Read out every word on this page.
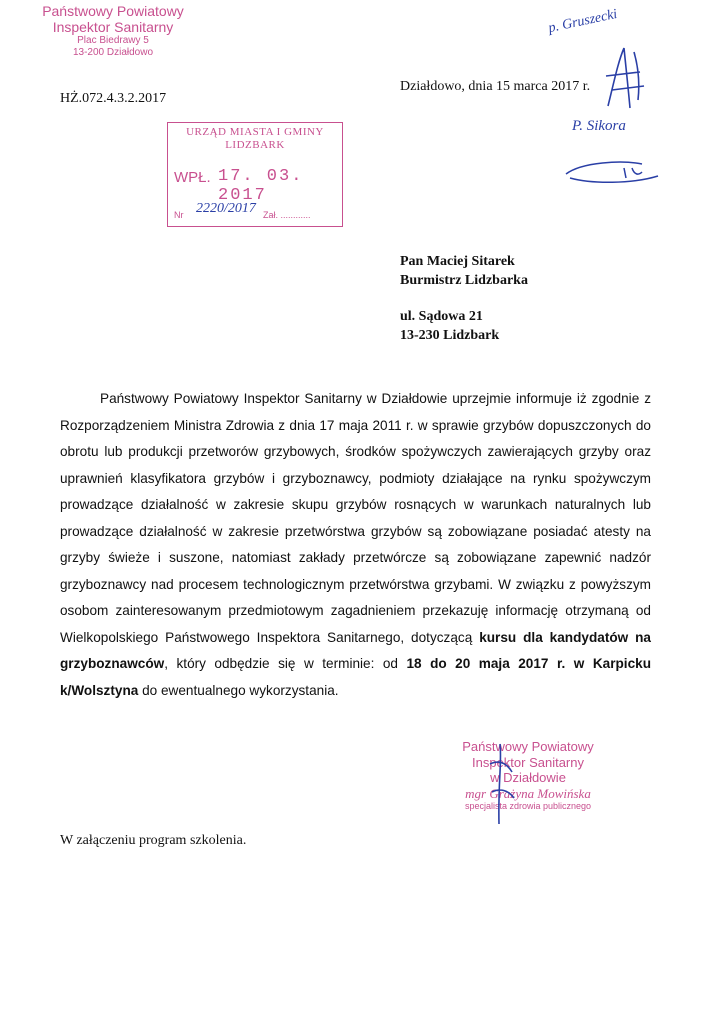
Państwowy Powiatowy
Inspektor Sanitarny
Plac Biedrawy 5
13-200 Działdowo
HŻ.072.4.3.2.2017
Działdowo, dnia 15 marca 2017 r.
p. Gruszecki
P. Sikora
URZĄD MIASTA I GMINY
LIDZBARK
WPŁ. 17. 03. 2017
Nr 2220/2017 Zał. ............
Pan Maciej Sitarek
Burmistrz Lidzbarka
ul. Sądowa 21
13-230 Lidzbark

Państwowy Powiatowy Inspektor Sanitarny w Działdowie uprzejmie informuje iż zgodnie z Rozporządzeniem Ministra Zdrowia z dnia 17 maja 2011 r. w sprawie grzybów dopuszczonych do obrotu lub produkcji przetworów grzybowych, środków spożywczych zawierających grzyby oraz uprawnień klasyfikatora grzybów i grzyboznawcy, podmioty działające na rynku spożywczym prowadzące działalność w zakresie skupu grzybów rosnących w warunkach naturalnych lub prowadzące działalność w zakresie przetwórstwa grzybów są zobowiązane posiadać atesty na grzyby świeże i suszone, natomiast zakłady przetwórcze są zobowiązane zapewnić nadzór grzyboznawcy nad procesem technologicznym przetwórstwa grzybami. W związku z powyższym osobom zainteresowanym przedmiotowym zagadnieniem przekazuję informację otrzymaną od Wielkopolskiego Państwowego Inspektora Sanitarnego, dotyczącą kursu dla kandydatów na grzyboznawców, który odbędzie się w terminie: od 18 do 20 maja 2017 r. w Karpicku k/Wolsztyna do ewentualnego wykorzystania.

Państwowy Powiatowy
Inspektor Sanitarny
w Działdowie
mgr Grażyna Mowińska
specjalista zdrowia publicznego
W załączeniu program szkolenia.
